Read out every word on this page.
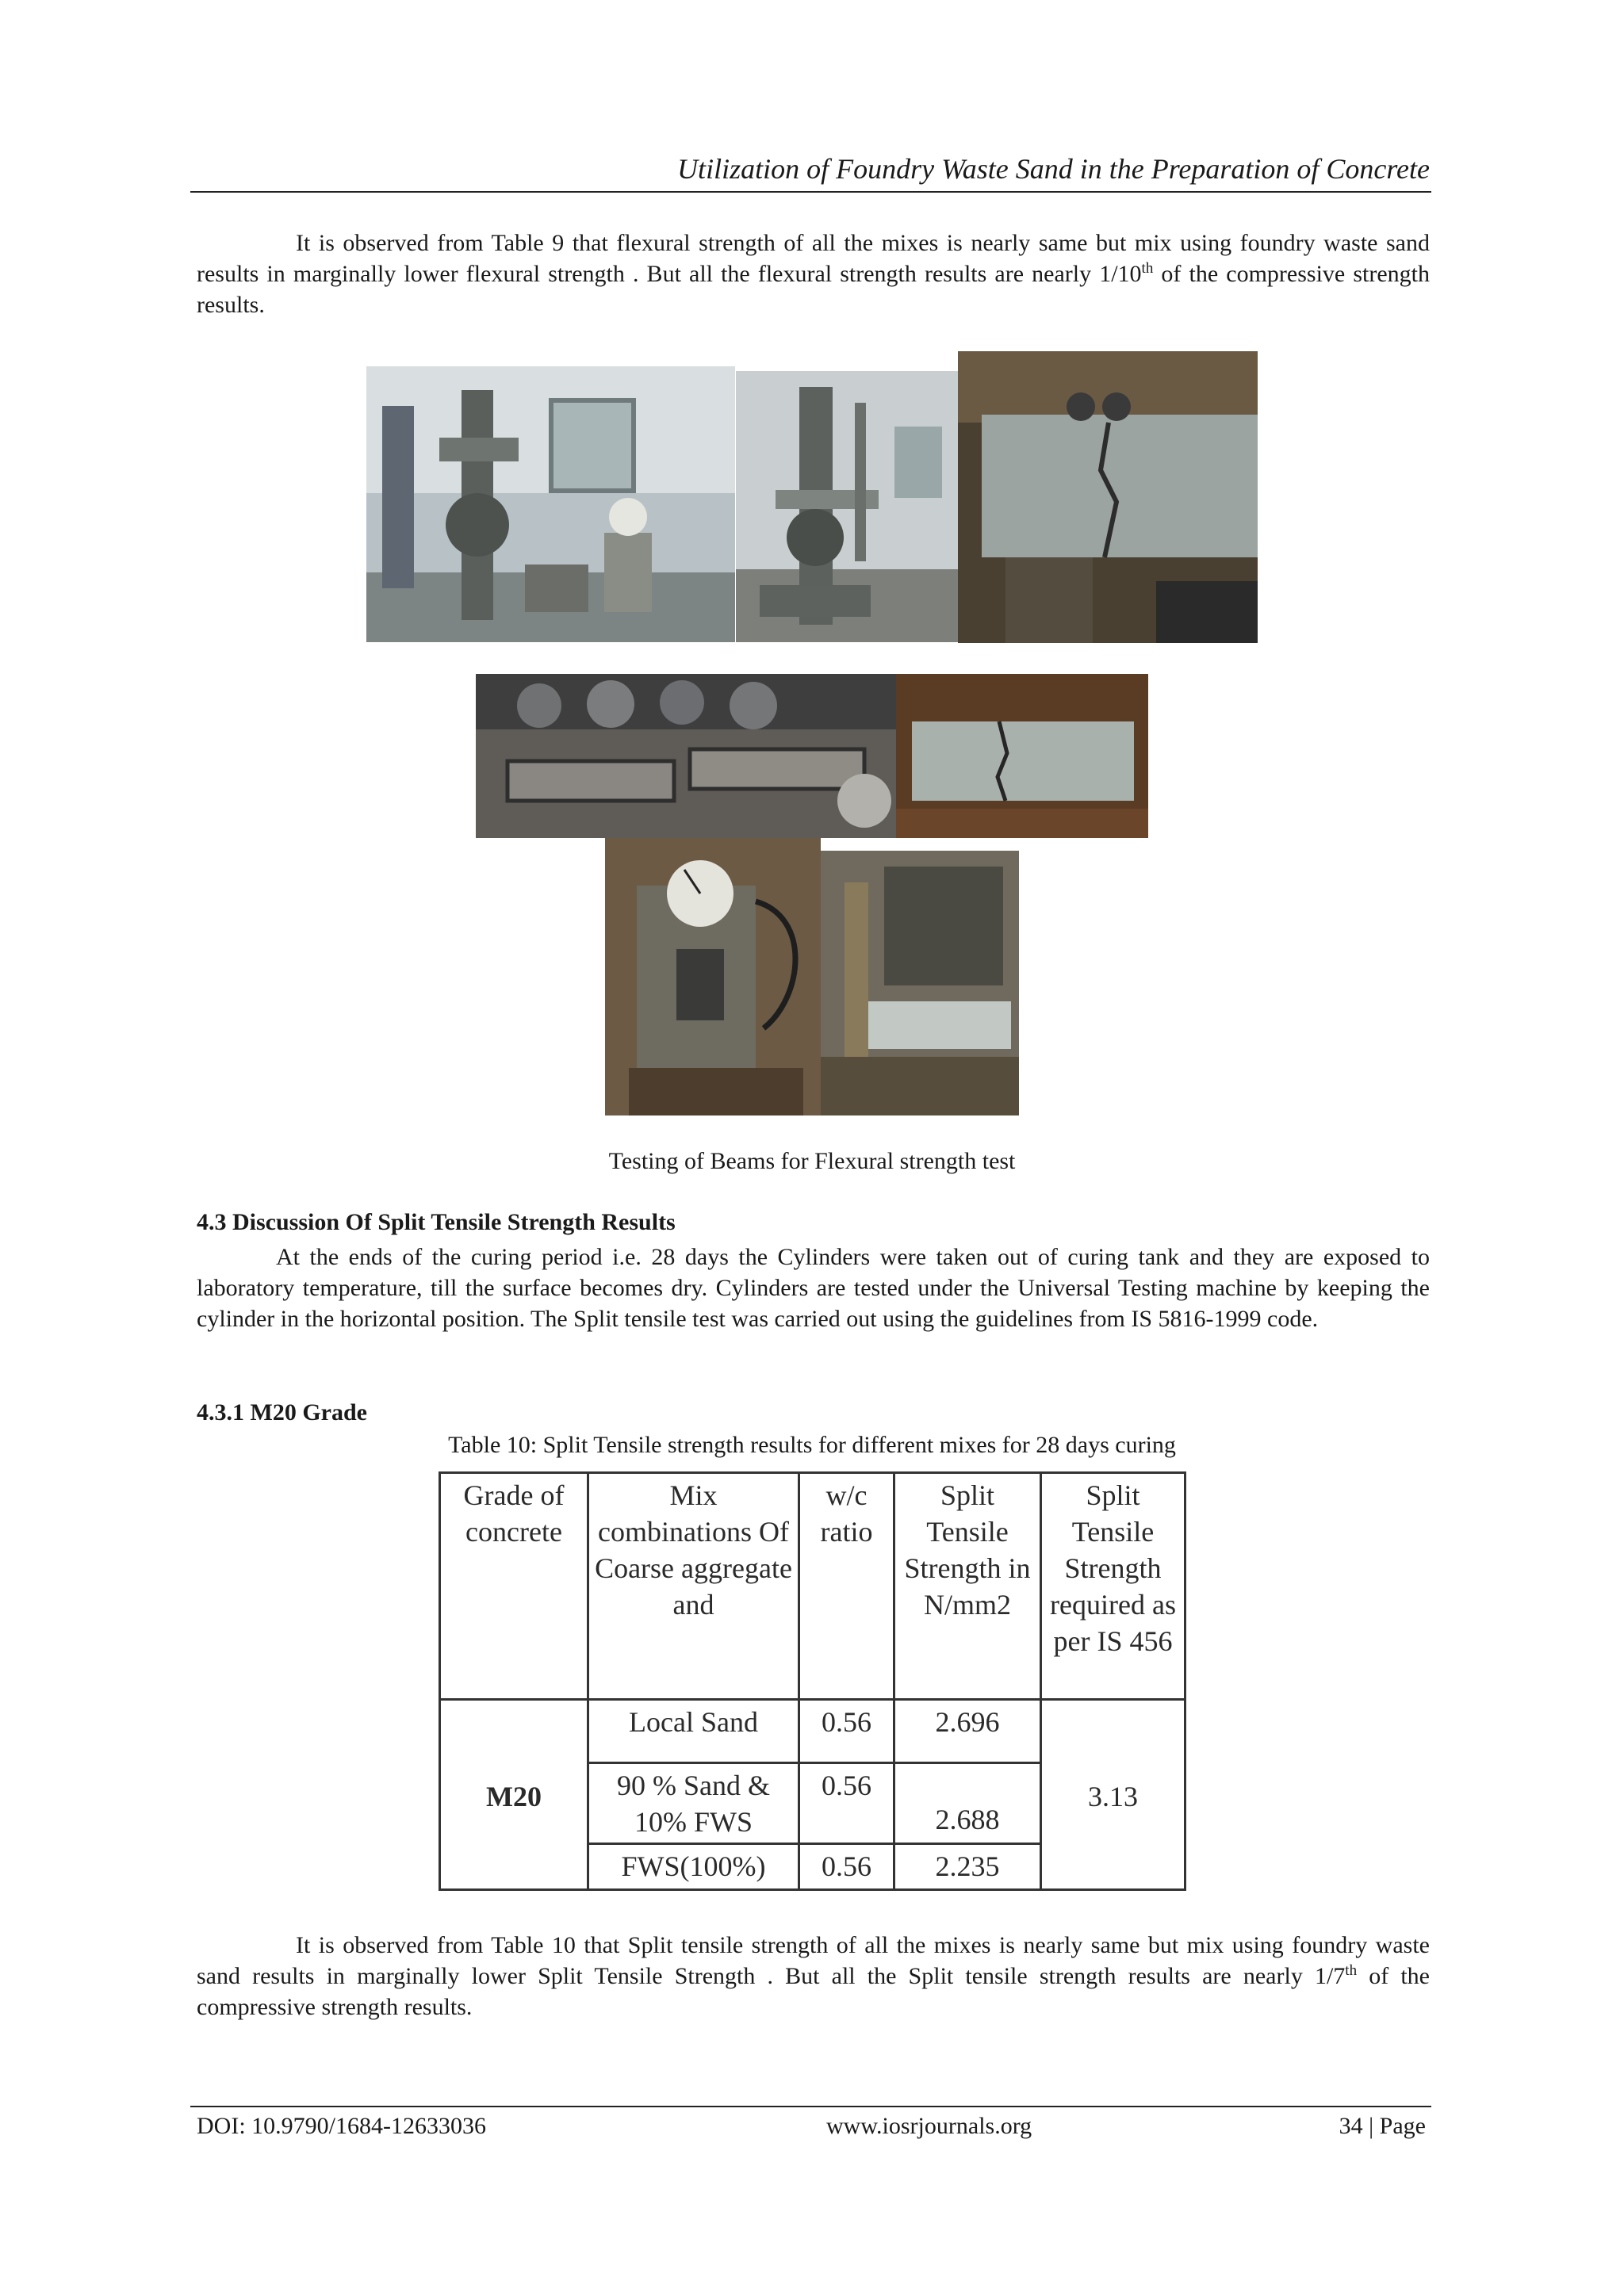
Utilization of Foundry Waste Sand in the Preparation of Concrete
It is observed from Table 9 that flexural strength of all the mixes is nearly same but mix using foundry waste sand results in marginally lower flexural strength . But all the flexural strength results are nearly 1/10th of the compressive strength results.
Testing of Beams for Flexural strength test
4.3 Discussion Of Split Tensile Strength Results
At the ends of the curing period i.e. 28 days the Cylinders were taken out of curing tank and they are exposed to laboratory temperature, till the surface becomes dry. Cylinders are tested under the Universal Testing machine by keeping the cylinder in the horizontal position. The Split tensile test was carried out using the guidelines from IS 5816-1999 code.
4.3.1 M20 Grade
Table 10: Split Tensile strength results for different mixes for 28 days curing
Grade of concrete	Mix combinations Of Coarse aggregate and	w/c ratio	Split Tensile Strength in N/mm2	Split Tensile Strength required as per IS 456
M20	Local Sand	0.56	2.696	3.13
	90 % Sand & 10% FWS	0.56	2.688	
	FWS(100%)	0.56	2.235	
It is observed from Table 10 that Split tensile strength of all the mixes is nearly same but mix using foundry waste sand results in marginally lower Split Tensile Strength . But all the Split tensile strength results are nearly 1/7th of the compressive strength results.
DOI: 10.9790/1684-12633036	www.iosrjournals.org	34 | Page
